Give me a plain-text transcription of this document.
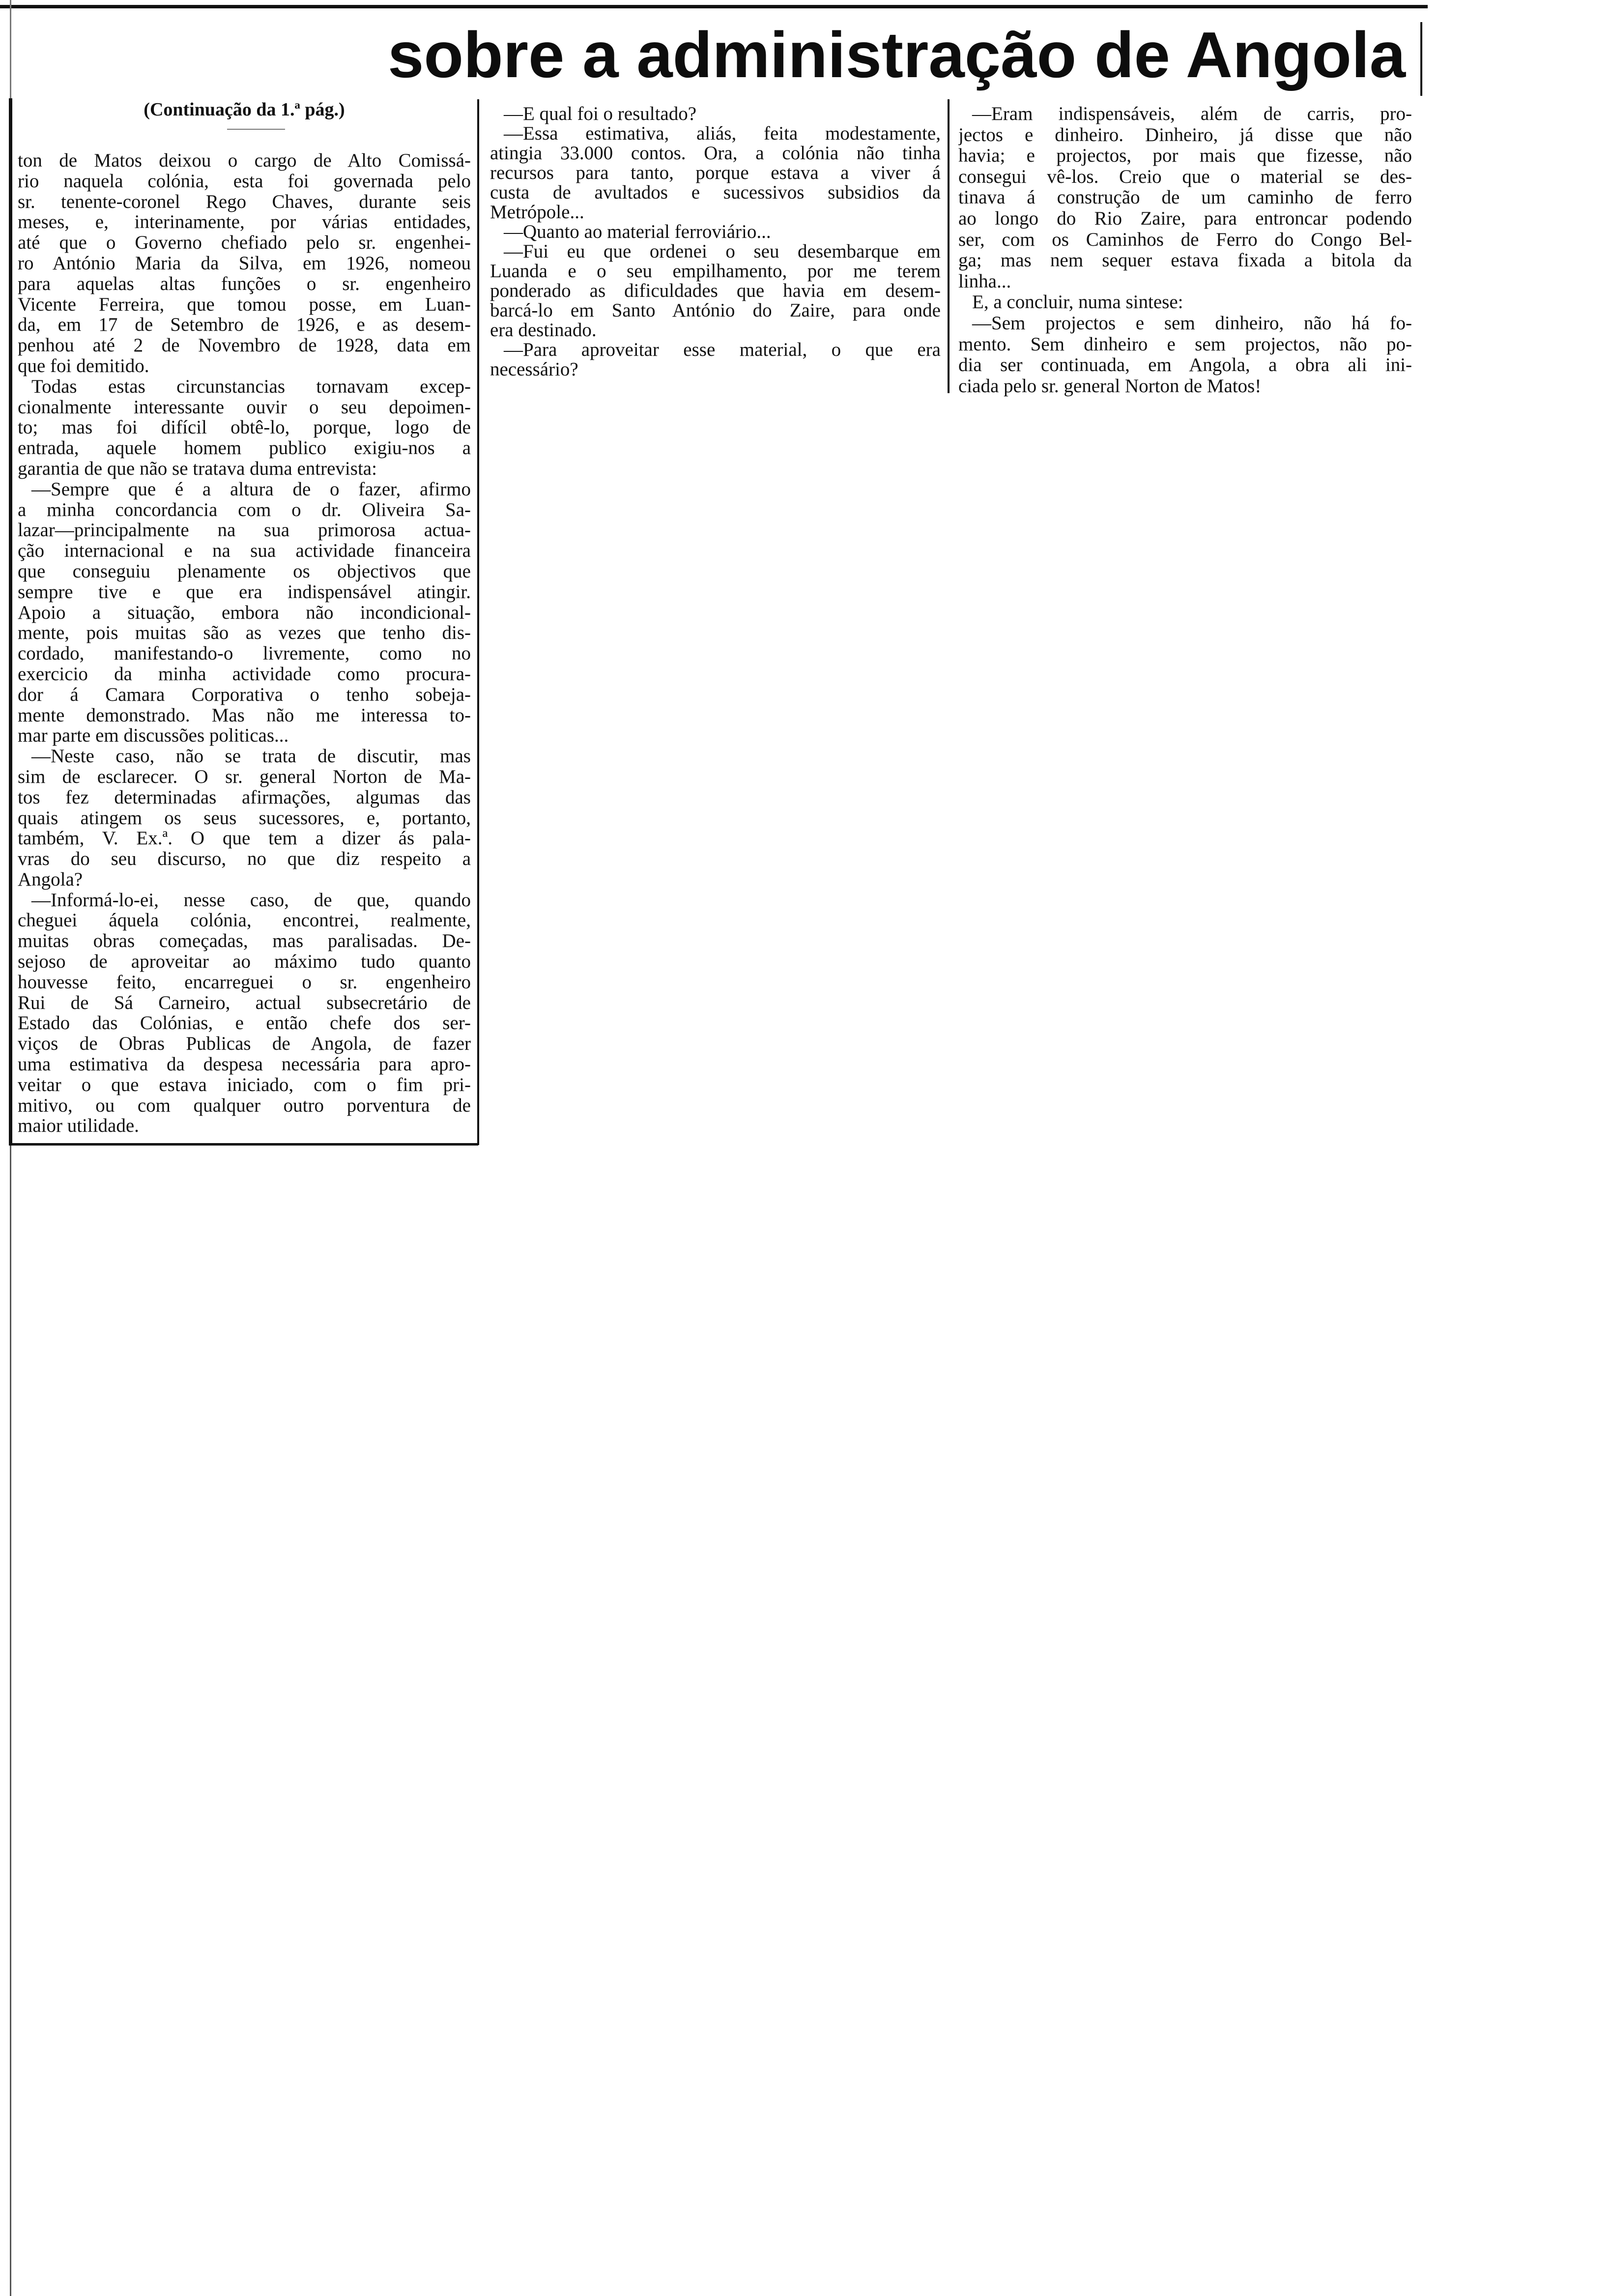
sobre a administração de Angola
(Continuação da 1.ª pág.)
ton de Matos deixou o cargo de Alto Comissá-
rio naquela colónia, esta foi governada pelo
sr. tenente-coronel Rego Chaves, durante seis
meses, e, interinamente, por várias entidades,
até que o Governo chefiado pelo sr. engenhei-
ro António Maria da Silva, em 1926, nomeou
para aquelas altas funções o sr. engenheiro
Vicente Ferreira, que tomou posse, em Luan-
da, em 17 de Setembro de 1926, e as desem-
penhou até 2 de Novembro de 1928, data em
que foi demitido.
Todas estas circunstancias tornavam excep-
cionalmente interessante ouvir o seu depoimen-
to; mas foi difícil obtê-lo, porque, logo de
entrada, aquele homem publico exigiu-nos a
garantia de que não se tratava duma entrevista:
—Sempre que é a altura de o fazer, afirmo
a minha concordancia com o dr. Oliveira Sa-
lazar—principalmente na sua primorosa actua-
ção internacional e na sua actividade financeira
que conseguiu plenamente os objectivos que
sempre tive e que era indispensável atingir.
Apoio a situação, embora não incondicional-
mente, pois muitas são as vezes que tenho dis-
cordado, manifestando-o livremente, como no
exercicio da minha actividade como procura-
dor á Camara Corporativa o tenho sobeja-
mente demonstrado. Mas não me interessa to-
mar parte em discussões politicas...
—Neste caso, não se trata de discutir, mas
sim de esclarecer. O sr. general Norton de Ma-
tos fez determinadas afirmações, algumas das
quais atingem os seus sucessores, e, portanto,
também, V. Ex.ª. O que tem a dizer ás pala-
vras do seu discurso, no que diz respeito a
Angola?
—Informá-lo-ei, nesse caso, de que, quando
cheguei áquela colónia, encontrei, realmente,
muitas obras começadas, mas paralisadas. De-
sejoso de aproveitar ao máximo tudo quanto
houvesse feito, encarreguei o sr. engenheiro
Rui de Sá Carneiro, actual subsecretário de
Estado das Colónias, e então chefe dos ser-
viços de Obras Publicas de Angola, de fazer
uma estimativa da despesa necessária para apro-
veitar o que estava iniciado, com o fim pri-
mitivo, ou com qualquer outro porventura de
maior utilidade.
—E qual foi o resultado?
—Essa estimativa, aliás, feita modestamente,
atingia 33.000 contos. Ora, a colónia não tinha
recursos para tanto, porque estava a viver á
custa de avultados e sucessivos subsidios da
Metrópole...
—Quanto ao material ferroviário...
—Fui eu que ordenei o seu desembarque em
Luanda e o seu empilhamento, por me terem
ponderado as dificuldades que havia em desem-
barcá-lo em Santo António do Zaire, para onde
era destinado.
—Para aproveitar esse material, o que era
necessário?
—Eram indispensáveis, além de carris, pro-
jectos e dinheiro. Dinheiro, já disse que não
havia; e projectos, por mais que fizesse, não
consegui vê-los. Creio que o material se des-
tinava á construção de um caminho de ferro
ao longo do Rio Zaire, para entroncar podendo
ser, com os Caminhos de Ferro do Congo Bel-
ga; mas nem sequer estava fixada a bitola da
linha...
E, a concluir, numa sintese:
—Sem projectos e sem dinheiro, não há fo-
mento. Sem dinheiro e sem projectos, não po-
dia ser continuada, em Angola, a obra ali ini-
ciada pelo sr. general Norton de Matos!
